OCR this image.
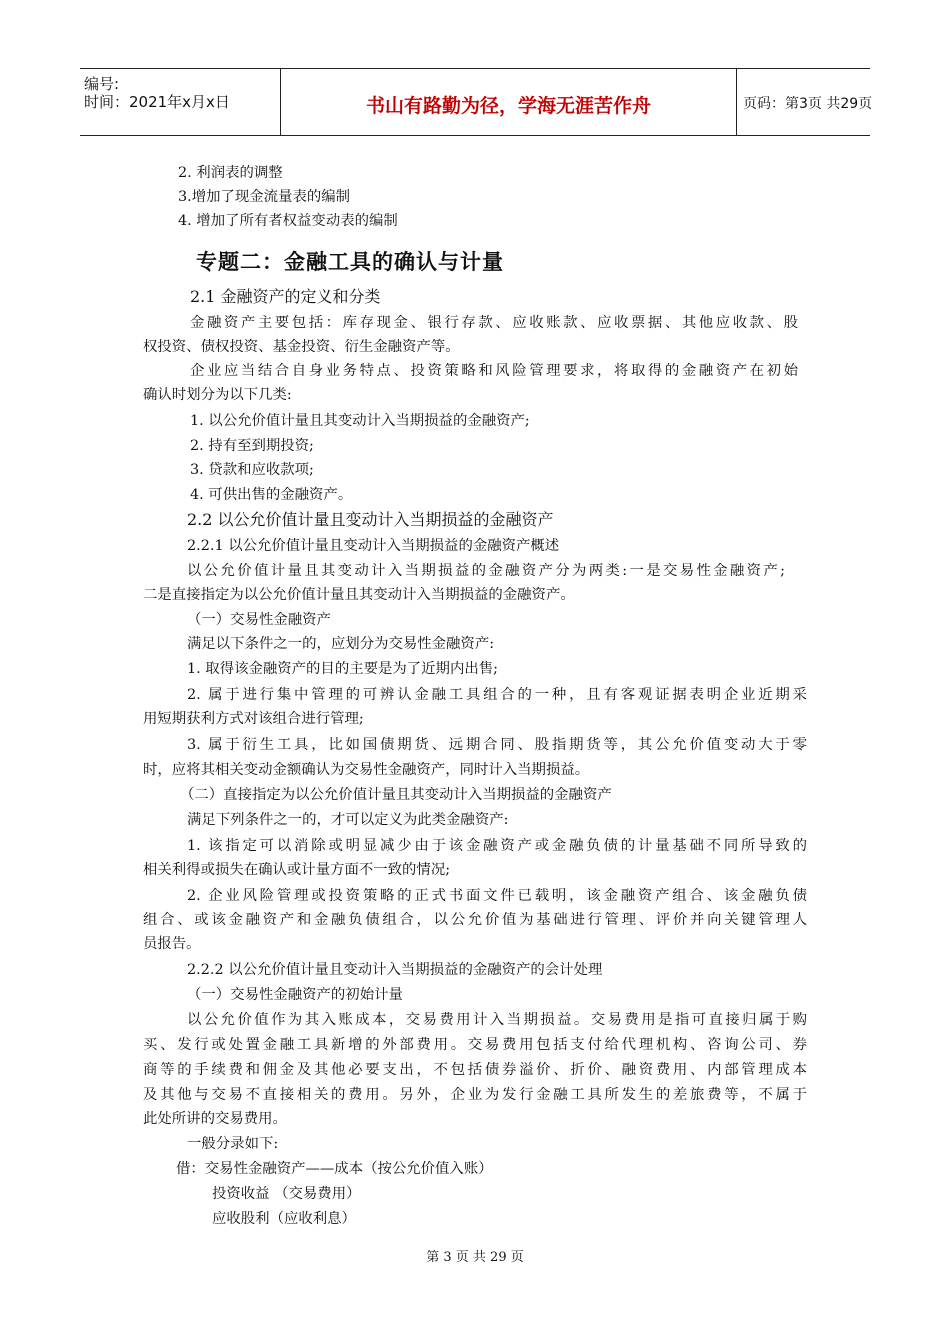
编号:
时间：2021年x月x日	书山有路勤为径，学海无涯苦作舟	页码：第3页 共29页
2. 利润表的调整
3.增加了现金流量表的编制
4. 增加了所有者权益变动表的编制
专题二：金融工具的确认与计量
2.1 金融资产的定义和分类
金融资产主要包括：库存现金、银行存款、应收账款、应收票据、其他应收款、股
权投资、债权投资、基金投资、衍生金融资产等。
企业应当结合自身业务特点、投资策略和风险管理要求，将取得的金融资产在初始
确认时划分为以下几类:
1. 以公允价值计量且其变动计入当期损益的金融资产;
2. 持有至到期投资;
3. 贷款和应收款项;
4. 可供出售的金融资产。
2.2 以公允价值计量且变动计入当期损益的金融资产
2.2.1 以公允价值计量且变动计入当期损益的金融资产概述
以公允价值计量且其变动计入当期损益的金融资产分为两类:一是交易性金融资产;
二是直接指定为以公允价值计量且其变动计入当期损益的金融资产。
（一）交易性金融资产
满足以下条件之一的，应划分为交易性金融资产:
1. 取得该金融资产的目的主要是为了近期内出售;
2. 属于进行集中管理的可辨认金融工具组合的一种，且有客观证据表明企业近期采
用短期获利方式对该组合进行管理;
3. 属于衍生工具，比如国债期货、远期合同、股指期货等，其公允价值变动大于零
时，应将其相关变动金额确认为交易性金融资产，同时计入当期损益。
（二）直接指定为以公允价值计量且其变动计入当期损益的金融资产
满足下列条件之一的，才可以定义为此类金融资产:
1. 该指定可以消除或明显减少由于该金融资产或金融负债的计量基础不同所导致的
相关利得或损失在确认或计量方面不一致的情况;
2. 企业风险管理或投资策略的正式书面文件已载明，该金融资产组合、该金融负债
组合、或该金融资产和金融负债组合，以公允价值为基础进行管理、评价并向关键管理人
员报告。
2.2.2 以公允价值计量且变动计入当期损益的金融资产的会计处理
（一）交易性金融资产的初始计量
以公允价值作为其入账成本，交易费用计入当期损益。交易费用是指可直接归属于购
买、发行或处置金融工具新增的外部费用。交易费用包括支付给代理机构、咨询公司、券
商等的手续费和佣金及其他必要支出，不包括债券溢价、折价、融资费用、内部管理成本
及其他与交易不直接相关的费用。另外，企业为发行金融工具所发生的差旅费等，不属于
此处所讲的交易费用。
一般分录如下:
借：交易性金融资产——成本（按公允价值入账）
投资收益 （交易费用）
应收股利（应收利息）
第 3 页 共 29 页
